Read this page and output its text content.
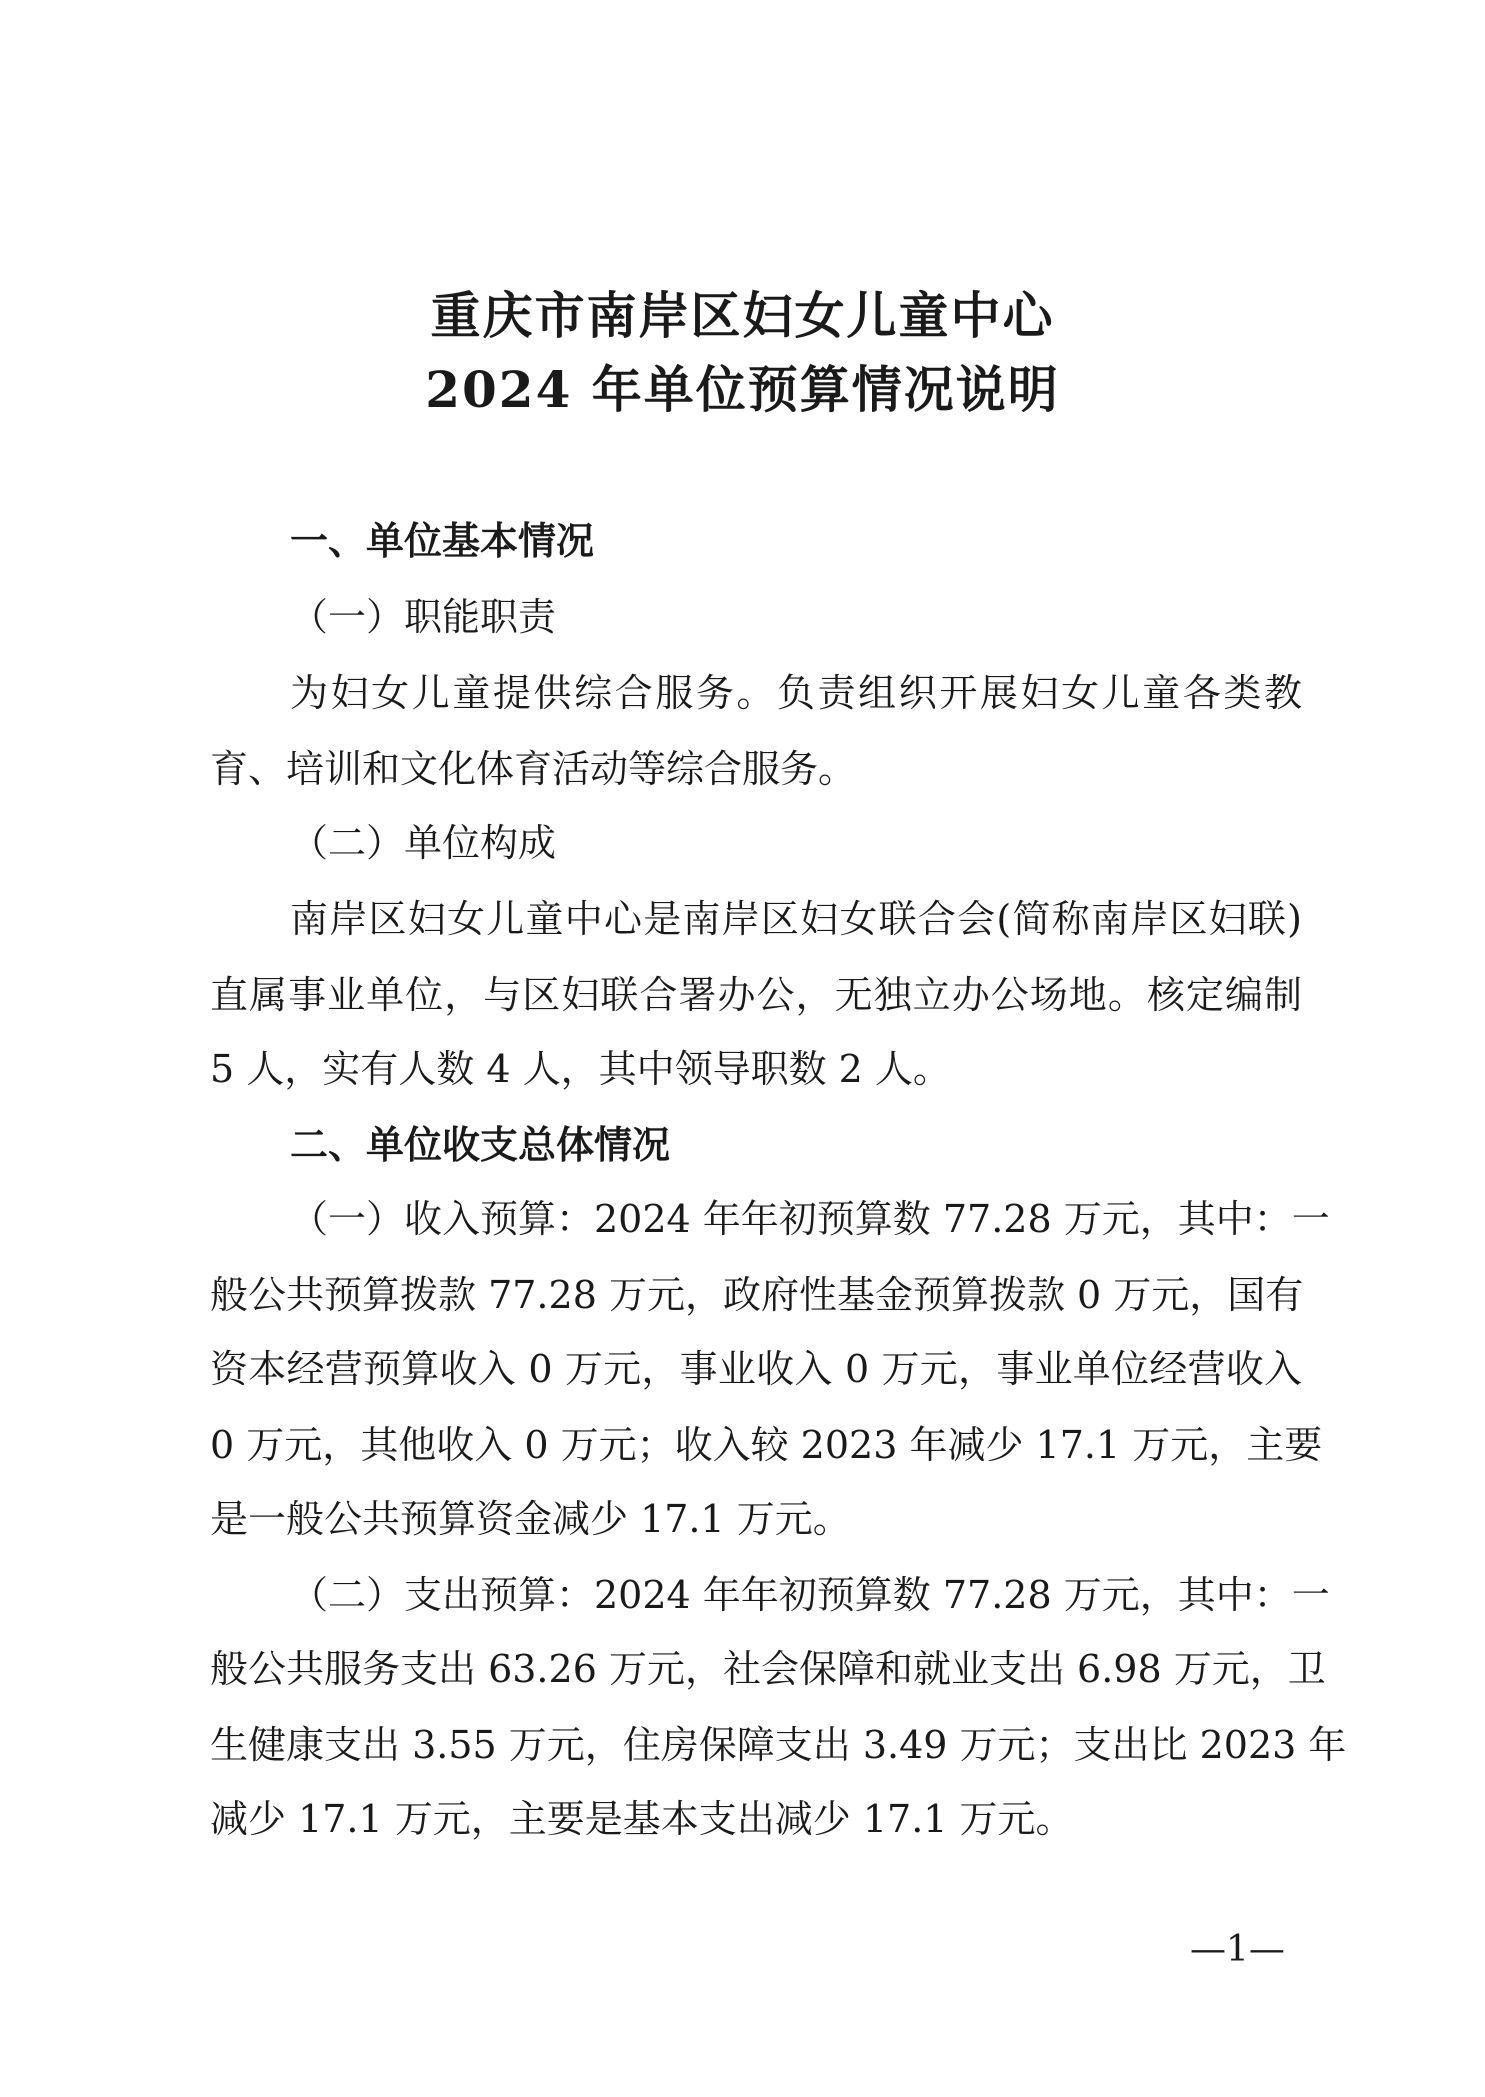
重庆市南岸区妇女儿童中心
2024 年单位预算情况说明
一、单位基本情况
（一）职能职责
为妇女儿童提供综合服务。负责组织开展妇女儿童各类教
育、培训和文化体育活动等综合服务。
（二）单位构成
南岸区妇女儿童中心是南岸区妇女联合会(简称南岸区妇联)
直属事业单位，与区妇联合署办公，无独立办公场地。核定编制
5 人，实有人数 4 人，其中领导职数 2 人。
二、单位收支总体情况
（一）收入预算：2024 年年初预算数 77.28 万元，其中：一
般公共预算拨款 77.28 万元，政府性基金预算拨款 0 万元，国有
资本经营预算收入 0 万元，事业收入 0 万元，事业单位经营收入
0 万元，其他收入 0 万元；收入较 2023 年减少 17.1 万元，主要
是一般公共预算资金减少 17.1 万元。
（二）支出预算：2024 年年初预算数 77.28 万元，其中：一
般公共服务支出 63.26 万元，社会保障和就业支出 6.98 万元，卫
生健康支出 3.55 万元，住房保障支出 3.49 万元；支出比 2023 年
减少 17.1 万元，主要是基本支出减少 17.1 万元。
—1—
